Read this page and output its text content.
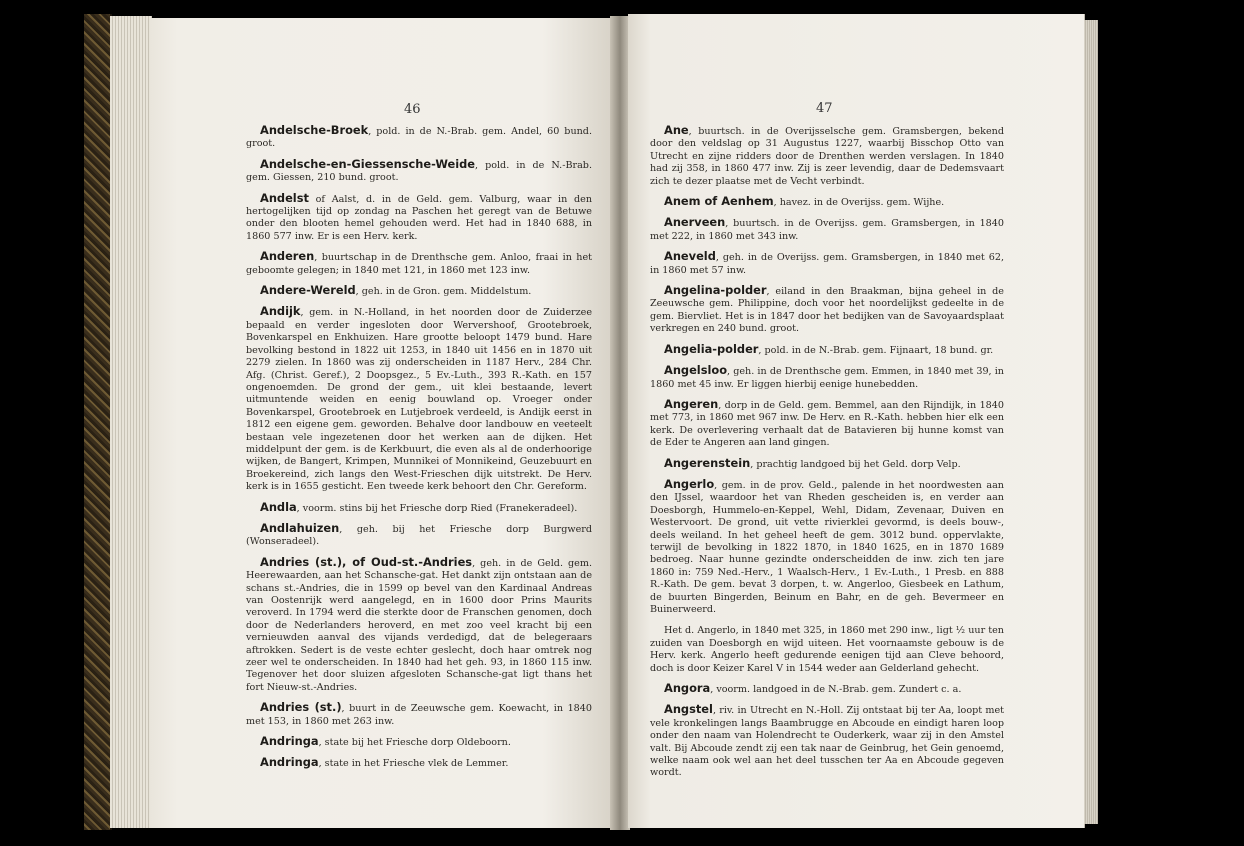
46	47

Andelsche-Broek, pold. in de N.-Brab. gem. Andel, 60 bund. groot.

Andelsche-en-Giessensche-Weide, pold. in de N.-Brab. gem. Giessen, 210 bund. groot.

Andelst of Aalst, d. in de Geld. gem. Valburg, waar in den hertogelijken tijd op zondag na Paschen het geregt van de Betuwe onder den blooten hemel gehouden werd. Het had in 1840 688, in 1860 577 inw. Er is een Herv. kerk.

Anderen, buurtschap in de Drenthsche gem. Anloo, fraai in het geboomte gelegen; in 1840 met 121, in 1860 met 123 inw.

Andere-Wereld, geh. in de Gron. gem. Middelstum.

Andijk, gem. in N.-Holland, in het noorden door de Zuiderzee bepaald en verder ingesloten door Wervershoof, Grootebroek, Bovenkarspel en Enkhuizen. Hare grootte beloopt 1479 bund. Hare bevolking bestond in 1822 uit 1253, in 1840 uit 1456 en in 1870 uit 2279 zielen. In 1860 was zij onderscheiden in 1187 Herv., 284 Chr. Afg. (Christ. Geref.), 2 Doopsgez., 5 Ev.-Luth., 393 R.-Kath. en 157 ongenoemden. De grond der gem., uit klei bestaande, levert uitmuntende weiden en eenig bouwland op. Vroeger onder Bovenkarspel, Grootebroek en Lutjebroek verdeeld, is Andijk eerst in 1812 een eigene gem. geworden. Behalve door landbouw en veeteelt bestaan vele ingezetenen door het werken aan de dijken. Het middelpunt der gem. is de Kerkbuurt, die even als al de onderhoorige wijken, de Bangert, Krimpen, Munnikei of Monnikeind, Geuzebuurt en Broekereind, zich langs den West-Frieschen dijk uitstrekt. De Herv. kerk is in 1655 gesticht. Een tweede kerk behoort den Chr. Gereform.

Andla, voorm. stins bij het Friesche dorp Ried (Franekeradeel).

Andlahuizen, geh. bij het Friesche dorp Burgwerd (Wonseradeel).

Andries (st.), of Oud-st.-Andries, geh. in de Geld. gem. Heerewaarden, aan het Schansche-gat. Het dankt zijn ontstaan aan de schans st.-Andries, die in 1599 op bevel van den Kardinaal Andreas van Oostenrijk werd aangelegd, en in 1600 door Prins Maurits veroverd. In 1794 werd die sterkte door de Franschen genomen, doch door de Nederlanders heroverd, en met zoo veel kracht bij een vernieuwden aanval des vijands verdedigd, dat de belegeraars aftrokken. Sedert is de veste echter geslecht, doch haar omtrek nog zeer wel te onderscheiden. In 1840 had het geh. 93, in 1860 115 inw. Tegenover het door sluizen afgesloten Schansche-gat ligt thans het fort Nieuw-st.-Andries.

Andries (st.), buurt in de Zeeuwsche gem. Koewacht, in 1840 met 153, in 1860 met 263 inw.

Andringa, state bij het Friesche dorp Oldeboorn.

Andringa, state in het Friesche vlek de Lemmer.

Ane, buurtsch. in de Overijsselsche gem. Gramsbergen, bekend door den veldslag op 31 Augustus 1227, waarbij Bisschop Otto van Utrecht en zijne ridders door de Drenthen werden verslagen. In 1840 had zij 358, in 1860 477 inw. Zij is zeer levendig, daar de Dedemsvaart zich te dezer plaatse met de Vecht verbindt.

Anem of Aenhem, havez. in de Overijss. gem. Wijhe.

Anerveen, buurtsch. in de Overijss. gem. Gramsbergen, in 1840 met 222, in 1860 met 343 inw.

Aneveld, geh. in de Overijss. gem. Gramsbergen, in 1840 met 62, in 1860 met 57 inw.

Angelina-polder, eiland in den Braakman, bijna geheel in de Zeeuwsche gem. Philippine, doch voor het noordelijkst gedeelte in de gem. Biervliet. Het is in 1847 door het bedijken van de Savoyaardsplaat verkregen en 240 bund. groot.

Angelia-polder, pold. in de N.-Brab. gem. Fijnaart, 18 bund. gr.

Angelsloo, geh. in de Drenthsche gem. Emmen, in 1840 met 39, in 1860 met 45 inw. Er liggen hierbij eenige hunebedden.

Angeren, dorp in de Geld. gem. Bemmel, aan den Rijndijk, in 1840 met 773, in 1860 met 967 inw. De Herv. en R.-Kath. hebben hier elk een kerk. De overlevering verhaalt dat de Batavieren bij hunne komst van de Eder te Angeren aan land gingen.

Angerenstein, prachtig landgoed bij het Geld. dorp Velp.

Angerlo, gem. in de prov. Geld., palende in het noordwesten aan den IJssel, waardoor het van Rheden gescheiden is, en verder aan Doesborgh, Hummelo-en-Keppel, Wehl, Didam, Zevenaar, Duiven en Westervoort. De grond, uit vette rivierklei gevormd, is deels bouw-, deels weiland. In het geheel heeft de gem. 3012 bund. oppervlakte, terwijl de bevolking in 1822 1870, in 1840 1625, en in 1870 1689 bedroeg. Naar hunne gezindte onderscheidden de inw. zich ten jare 1860 in: 759 Ned.-Herv., 1 Waalsch-Herv., 1 Ev.-Luth., 1 Presb. en 888 R.-Kath. De gem. bevat 3 dorpen, t. w. Angerloo, Giesbeek en Lathum, de buurten Bingerden, Beinum en Bahr, en de geh. Bevermeer en Buinerweerd.

Het d. Angerlo, in 1840 met 325, in 1860 met 290 inw., ligt ½ uur ten zuiden van Doesborgh en wijd uiteen. Het voornaamste gebouw is de Herv. kerk. Angerlo heeft gedurende eenigen tijd aan Cleve behoord, doch is door Keizer Karel V in 1544 weder aan Gelderland gehecht.

Angora, voorm. landgoed in de N.-Brab. gem. Zundert c. a.

Angstel, riv. in Utrecht en N.-Holl. Zij ontstaat bij ter Aa, loopt met vele kronkelingen langs Baambrugge en Abcoude en eindigt haren loop onder den naam van Holendrecht te Ouderkerk, waar zij in den Amstel valt. Bij Abcoude zendt zij een tak naar de Geinbrug, het Gein genoemd, welke naam ook wel aan het deel tusschen ter Aa en Abcoude gegeven wordt.
